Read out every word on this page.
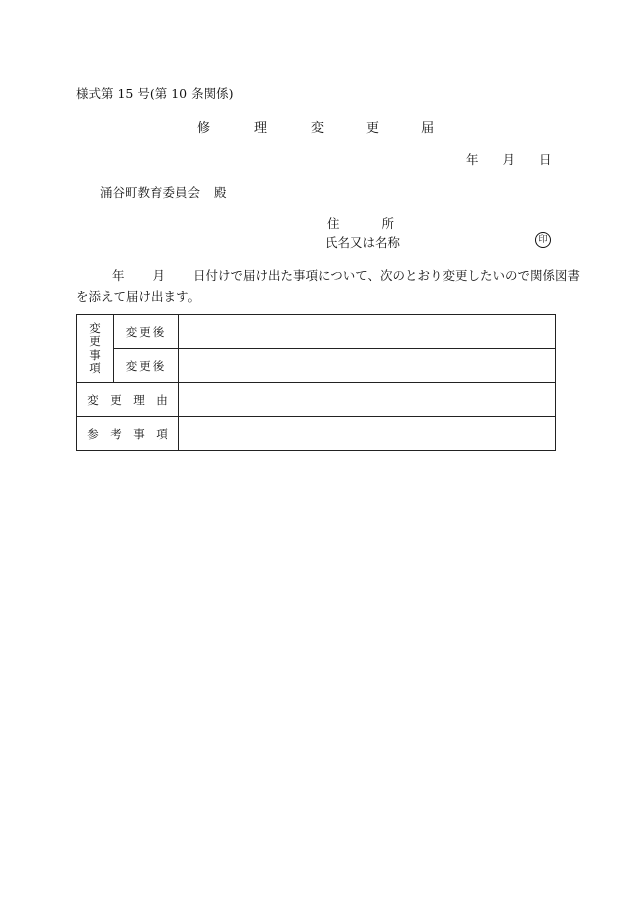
様式第 15 号(第 10 条関係)
修	理	変	更	届
年 月 日
涌谷町教育委員会 殿
住	所
氏名又は名称	印
年 月 日付けで届け出た事項について、次のとおり変更したいので関係図書
を添えて届け出ます。
変
更
事
項	変更後	
	変更後	
変 更 理 由		
参 考 事 項		
